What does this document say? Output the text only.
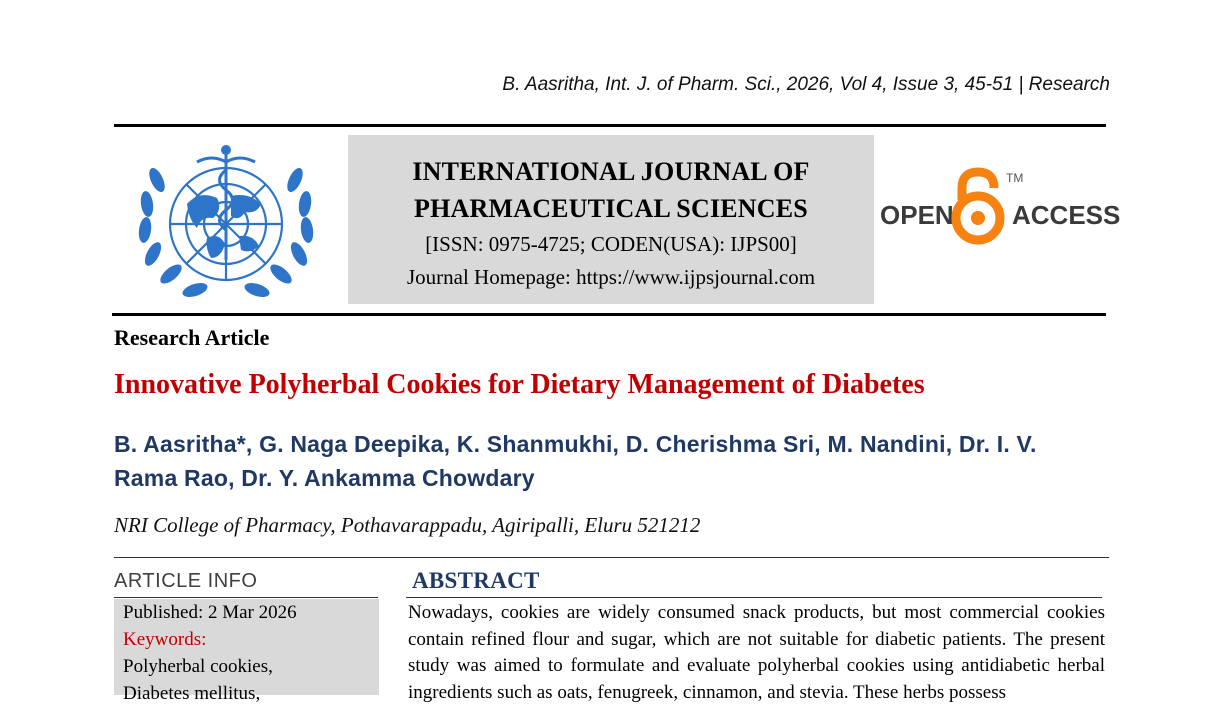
B. Aasritha, Int. J. of Pharm. Sci., 2026, Vol 4, Issue 3, 45-51 | Research
INTERNATIONAL JOURNAL OF
PHARMACEUTICAL SCIENCES
[ISSN: 0975-4725; CODEN(USA): IJPS00]
Journal Homepage: https://www.ijpsjournal.com
OPEN
TM
ACCESS
Research Article
Innovative Polyherbal Cookies for Dietary Management of Diabetes
B. Aasritha*, G. Naga Deepika, K. Shanmukhi, D. Cherishma Sri, M. Nandini, Dr. I. V. Rama Rao, Dr. Y. Ankamma Chowdary
NRI College of Pharmacy, Pothavarappadu, Agiripalli, Eluru 521212
ARTICLE INFO
Published: 2 Mar 2026
Keywords:
Polyherbal cookies,
Diabetes mellitus,
ABSTRACT
Nowadays, cookies are widely consumed snack products, but most commercial cookies contain refined flour and sugar, which are not suitable for diabetic patients. The present study was aimed to formulate and evaluate polyherbal cookies using antidiabetic herbal ingredients such as oats, fenugreek, cinnamon, and stevia. These herbs possess
